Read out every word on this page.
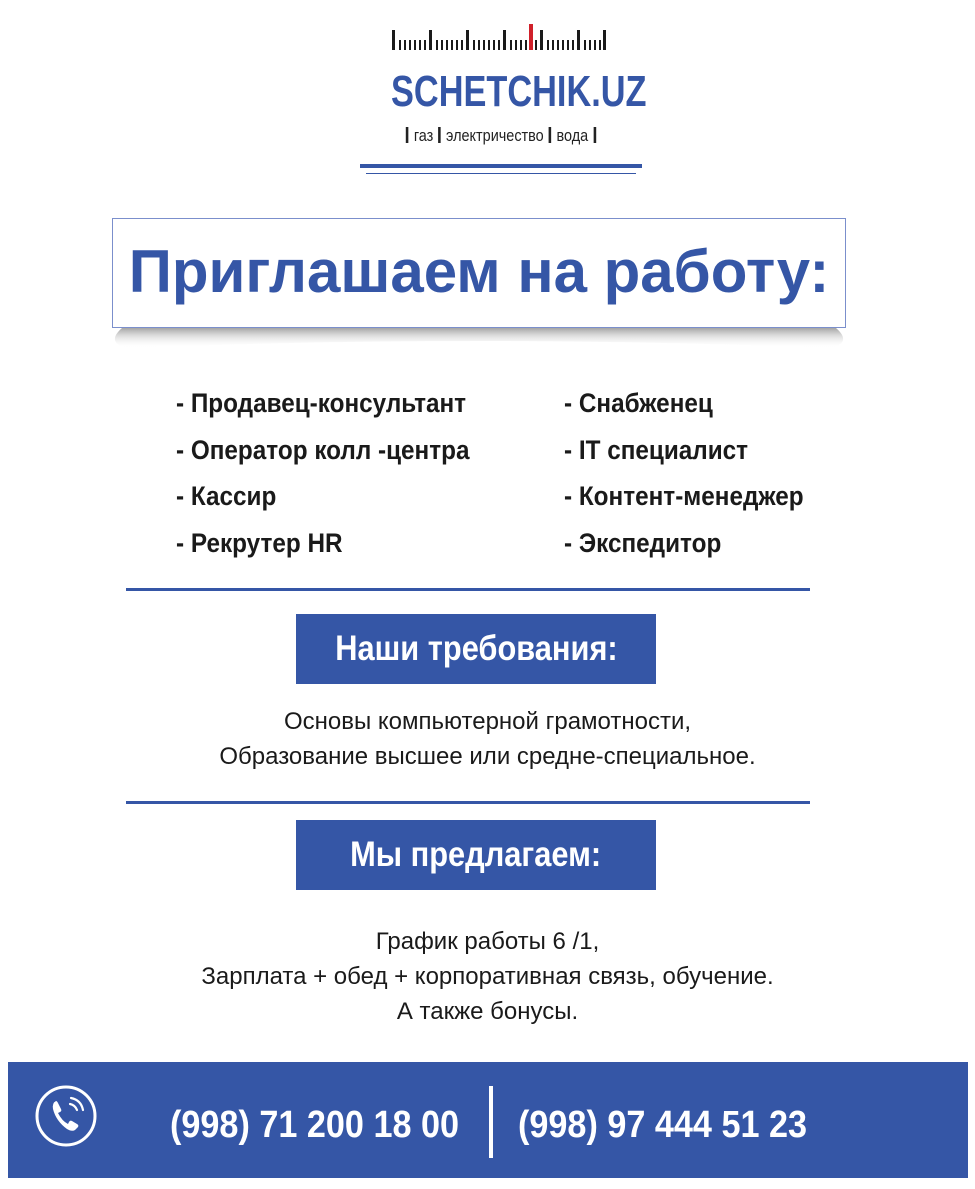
SCHETCHIK.UZ
газ электричество вода
Приглашаем на работу:
- Продавец-консультант
- Оператор колл -центра
- Кассир
- Рекрутер HR
- Снабженец
- IT специалист
- Контент-менеджер
- Экспедитор
Наши требования:
Основы компьютерной грамотности,
Образование высшее или средне-специальное.
Мы предлагаем:
График работы 6 /1,
Зарплата + обед + корпоративная связь, обучение.
А также бонусы.
(998) 71 200 18 00 (998) 97 444 51 23
